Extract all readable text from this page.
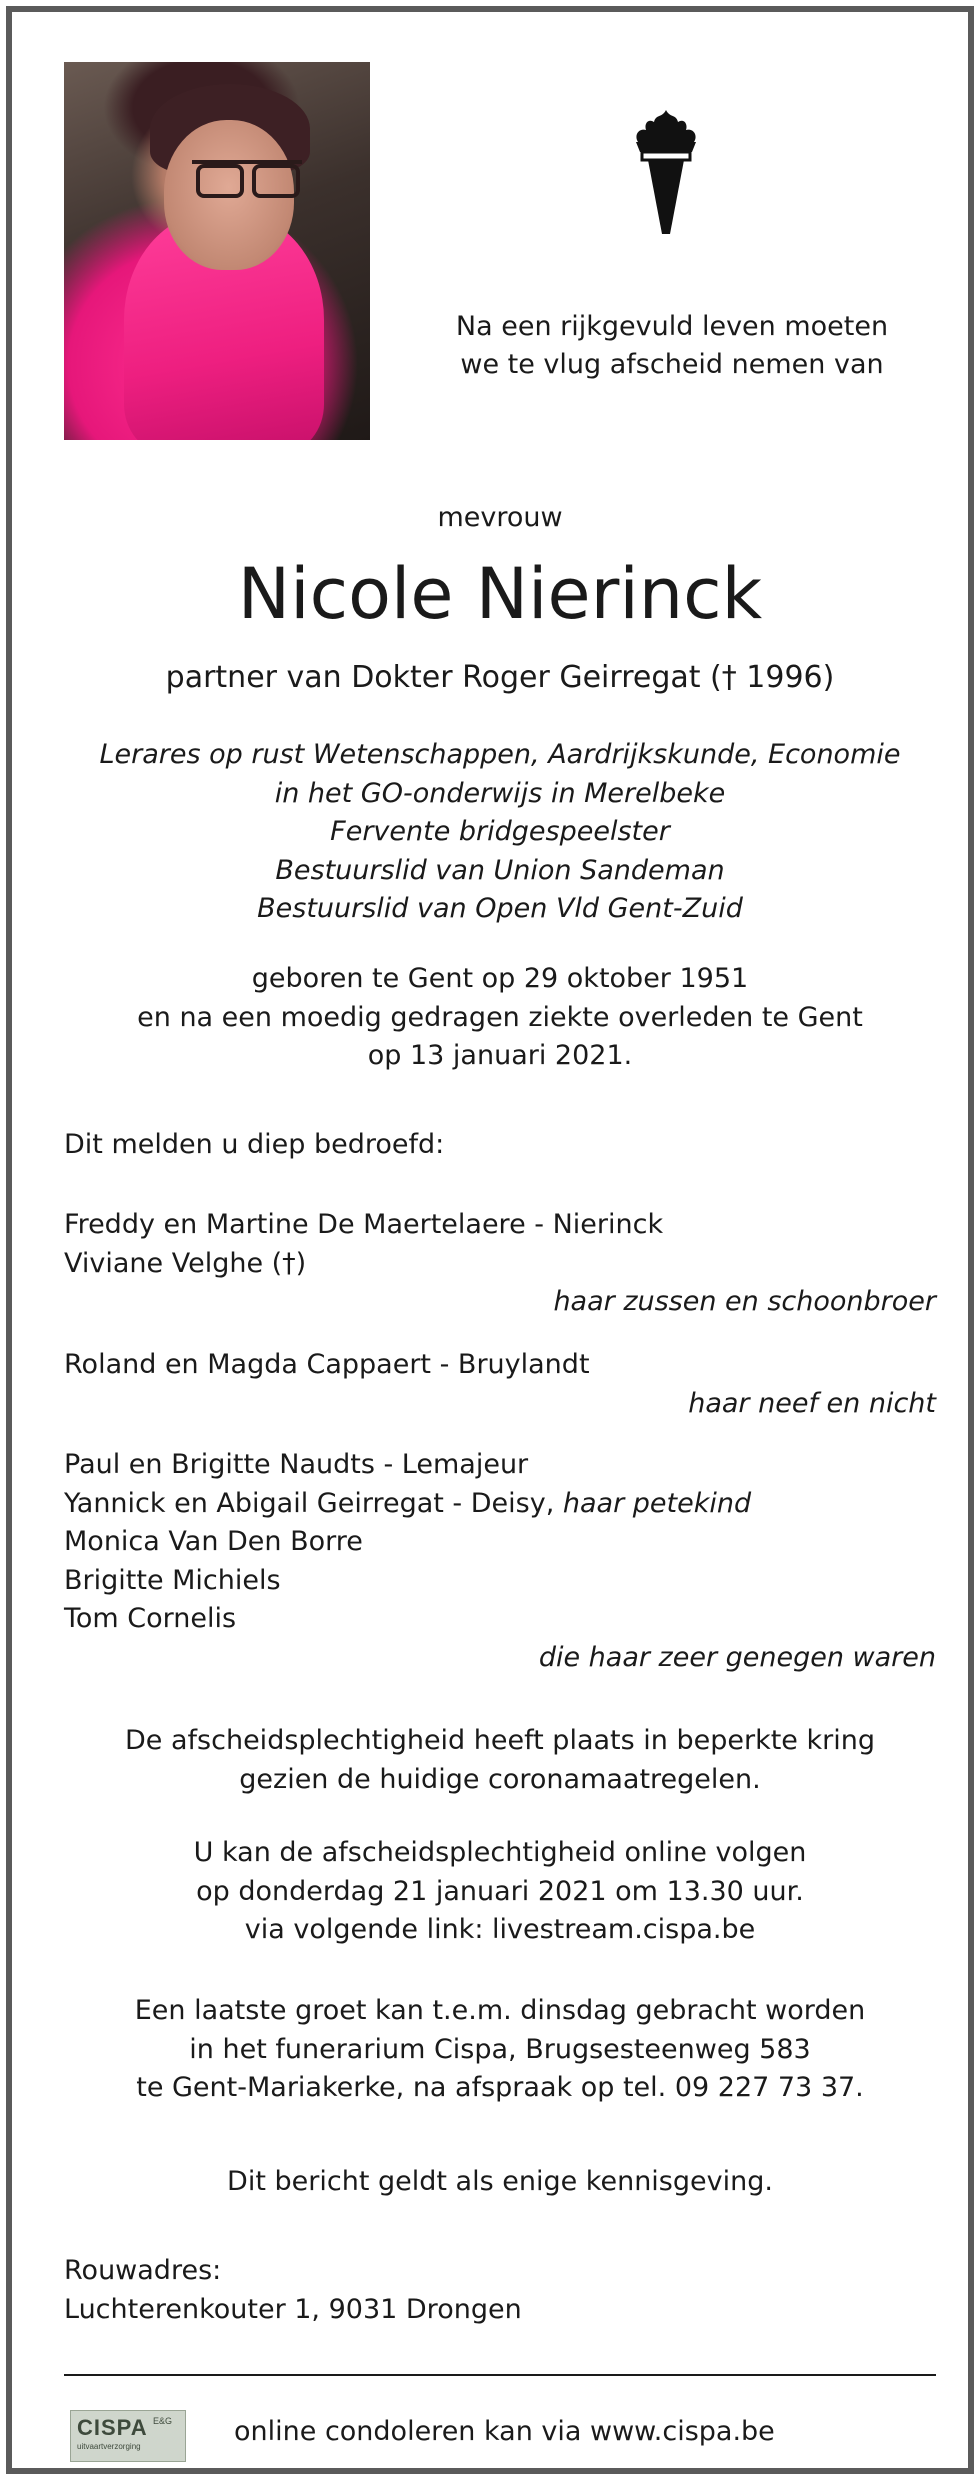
Na een rijkgevuld leven moeten

we te vlug afscheid nemen van

mevrouw
Nicole Nierinck
partner van Dokter Roger Geirregat († 1996)

Lerares op rust Wetenschappen, Aardrijkskunde, Economie

in het GO-onderwijs in Merelbeke

Fervente bridgespeelster

Bestuurslid van Union Sandeman

Bestuurslid van Open Vld Gent-Zuid

geboren te Gent op 29 oktober 1951

en na een moedig gedragen ziekte overleden te Gent

op 13 januari 2021.

Dit melden u diep bedroefd:

Freddy en Martine De Maertelaere - Nierinck

Viviane Velghe (†)

haar zussen en schoonbroer

Roland en Magda Cappaert - Bruylandt

haar neef en nicht

Paul en Brigitte Naudts - Lemajeur

Yannick en Abigail Geirregat - Deisy, haar petekind

Monica Van Den Borre

Brigitte Michiels

Tom Cornelis

die haar zeer genegen waren

De afscheidsplechtigheid heeft plaats in beperkte kring

gezien de huidige coronamaatregelen.

U kan de afscheidsplechtigheid online volgen

op donderdag 21 januari 2021 om 13.30 uur.

via volgende link: livestream.cispa.be

Een laatste groet kan t.e.m. dinsdag gebracht worden

in het funerarium Cispa, Brugsesteenweg 583

te Gent-Mariakerke, na afspraak op tel. 09 227 73 37.

Dit bericht geldt als enige kennisgeving.

Rouwadres:

Luchterenkouter 1, 9031 Drongen

CISPA E&G
uitvaartverzorging	online condoleren kan via www.cispa.be
